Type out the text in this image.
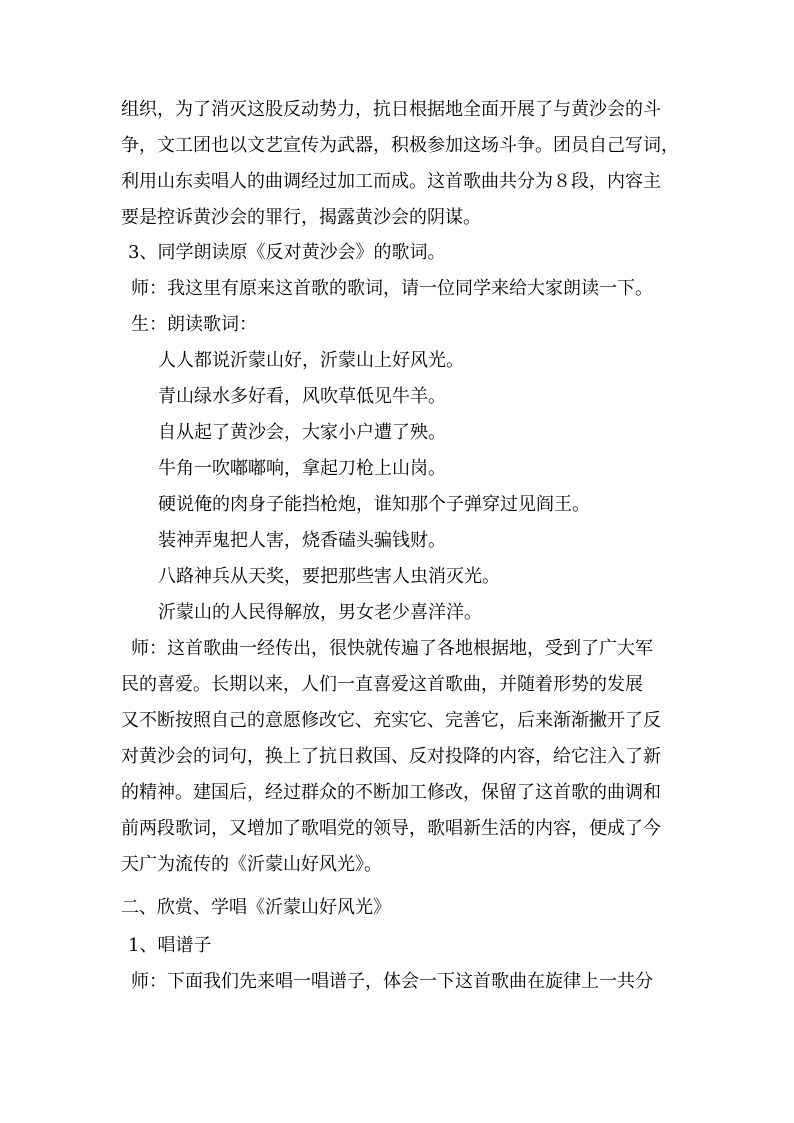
组织，为了消灭这股反动势力，抗日根据地全面开展了与黄沙会的斗
争，文工团也以文艺宣传为武器，积极参加这场斗争。团员自己写词，
利用山东卖唱人的曲调经过加工而成。这首歌曲共分为８段，内容主
要是控诉黄沙会的罪行，揭露黄沙会的阴谋。
3、同学朗读原《反对黄沙会》的歌词。
师：我这里有原来这首歌的歌词，请一位同学来给大家朗读一下。
生：朗读歌词：
人人都说沂蒙山好，沂蒙山上好风光。
青山绿水多好看，风吹草低见牛羊。
自从起了黄沙会，大家小户遭了殃。
牛角一吹嘟嘟响，拿起刀枪上山岗。
硬说俺的肉身子能挡枪炮，谁知那个子弹穿过见阎王。
装神弄鬼把人害，烧香磕头骗钱财。
八路神兵从天奖，要把那些害人虫消灭光。
沂蒙山的人民得解放，男女老少喜洋洋。
师：这首歌曲一经传出，很快就传遍了各地根据地，受到了广大军
民的喜爱。长期以来，人们一直喜爱这首歌曲，并随着形势的发展
又不断按照自己的意愿修改它、充实它、完善它，后来渐渐撇开了反
对黄沙会的词句，换上了抗日救国、反对投降的内容，给它注入了新
的精神。建国后，经过群众的不断加工修改，保留了这首歌的曲调和
前两段歌词，又增加了歌唱党的领导，歌唱新生活的内容，便成了今
天广为流传的《沂蒙山好风光》。
二、欣赏、学唱《沂蒙山好风光》
1、唱谱子
师：下面我们先来唱一唱谱子，体会一下这首歌曲在旋律上一共分
